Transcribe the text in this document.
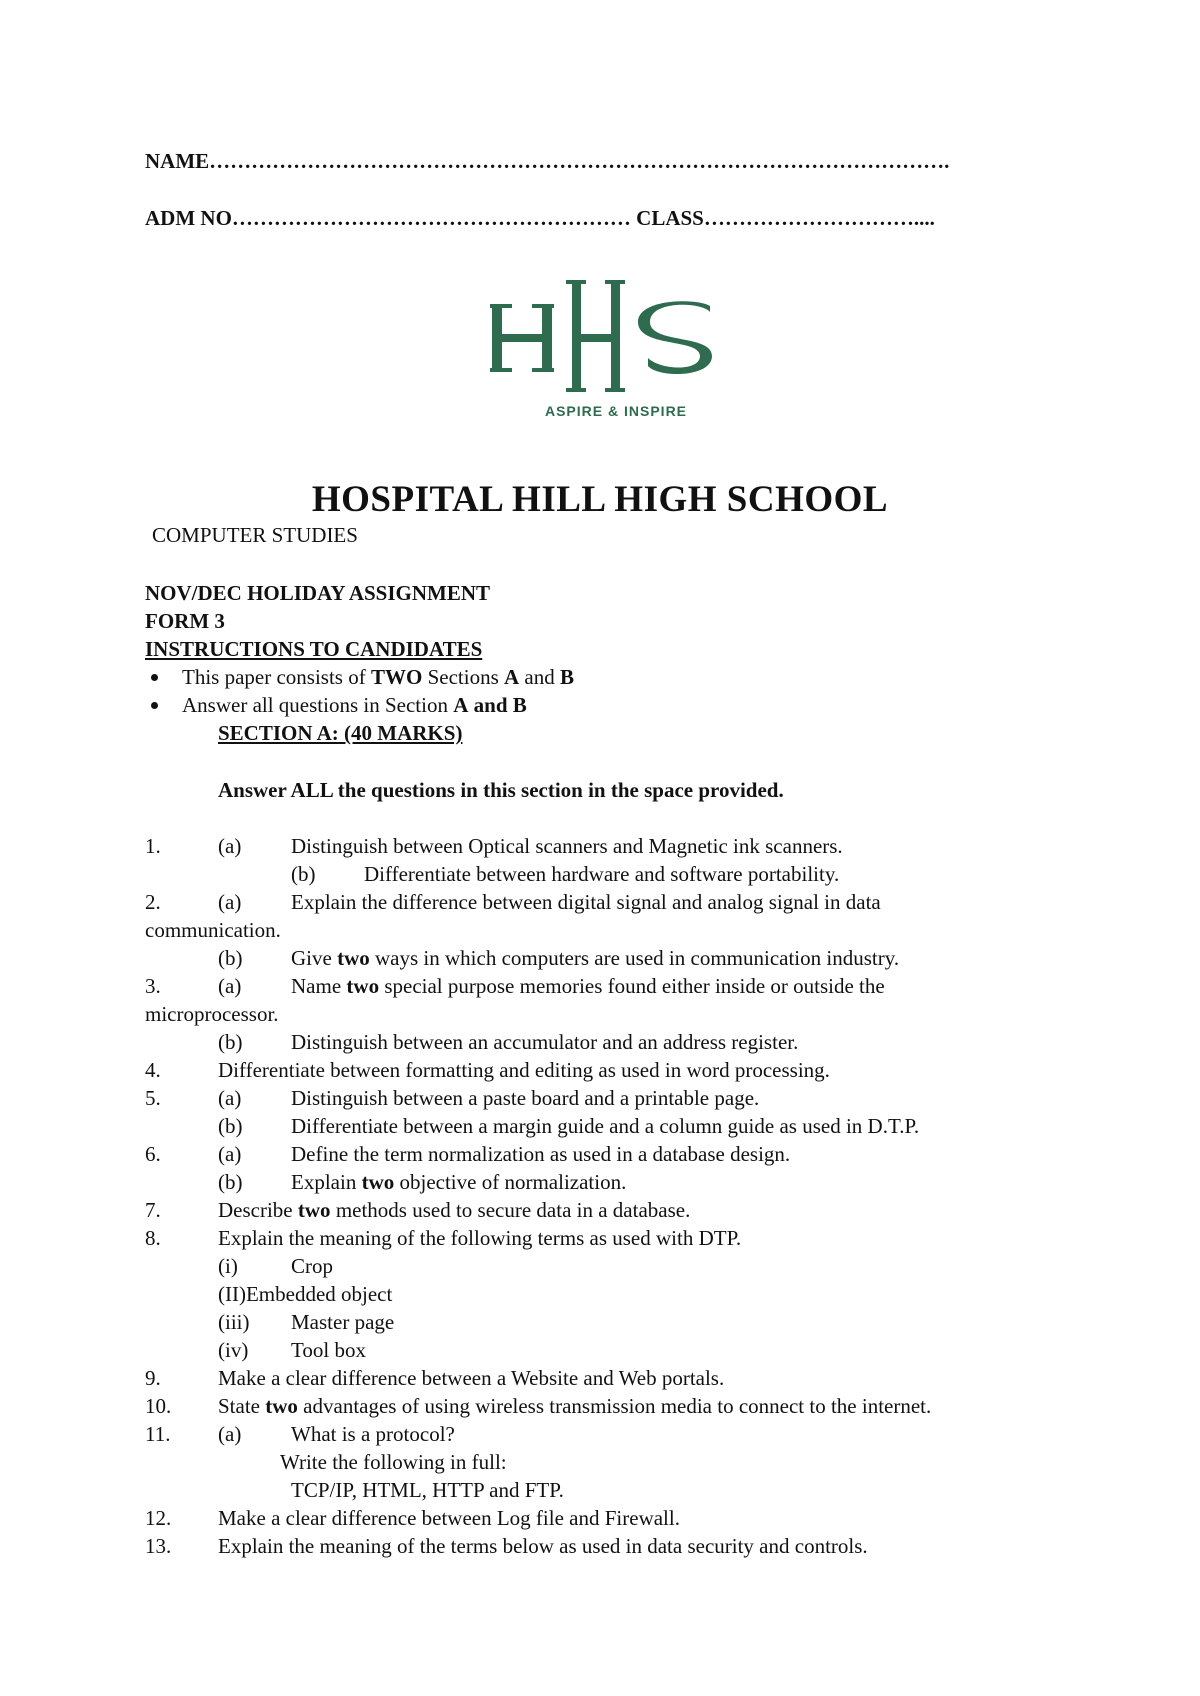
NAME…………………………………………………………………………………………….
ADM NO………………………………………………… CLASS…………………………....
ASPIRE & INSPIRE
HOSPITAL HILL HIGH SCHOOL
COMPUTER STUDIES
NOV/DEC HOLIDAY ASSIGNMENT
FORM 3
INSTRUCTIONS TO CANDIDATES
This paper consists of TWO Sections A and B
Answer all questions in Section A and B
SECTION A: (40 MARKS)
Answer ALL the questions in this section in the space provided.
1.	(a) Distinguish between Optical scanners and Magnetic ink scanners.
(b) Differentiate between hardware and software portability.
2.	(a) Explain the difference between digital signal and analog signal in data
communication.
(b) Give two ways in which computers are used in communication industry.
3.	(a) Name two special purpose memories found either inside or outside the
microprocessor.
(b) Distinguish between an accumulator and an address register.
4.	Differentiate between formatting and editing as used in word processing.
5.	(a) Distinguish between a paste board and a printable page.
(b) Differentiate between a margin guide and a column guide as used in D.T.P.
6.	(a) Define the term normalization as used in a database design.
(b) Explain two objective of normalization.
7.	Describe two methods used to secure data in a database.
8.	Explain the meaning of the following terms as used with DTP.
(i)	Crop
(II)Embedded object
(iii) Master page
(iv) Tool box
9.	Make a clear difference between a Website and Web portals.
10. State two advantages of using wireless transmission media to connect to the internet.
11. (a) What is a protocol?
Write the following in full:
TCP/IP, HTML, HTTP and FTP.
12. Make a clear difference between Log file and Firewall.
13. Explain the meaning of the terms below as used in data security and controls.
